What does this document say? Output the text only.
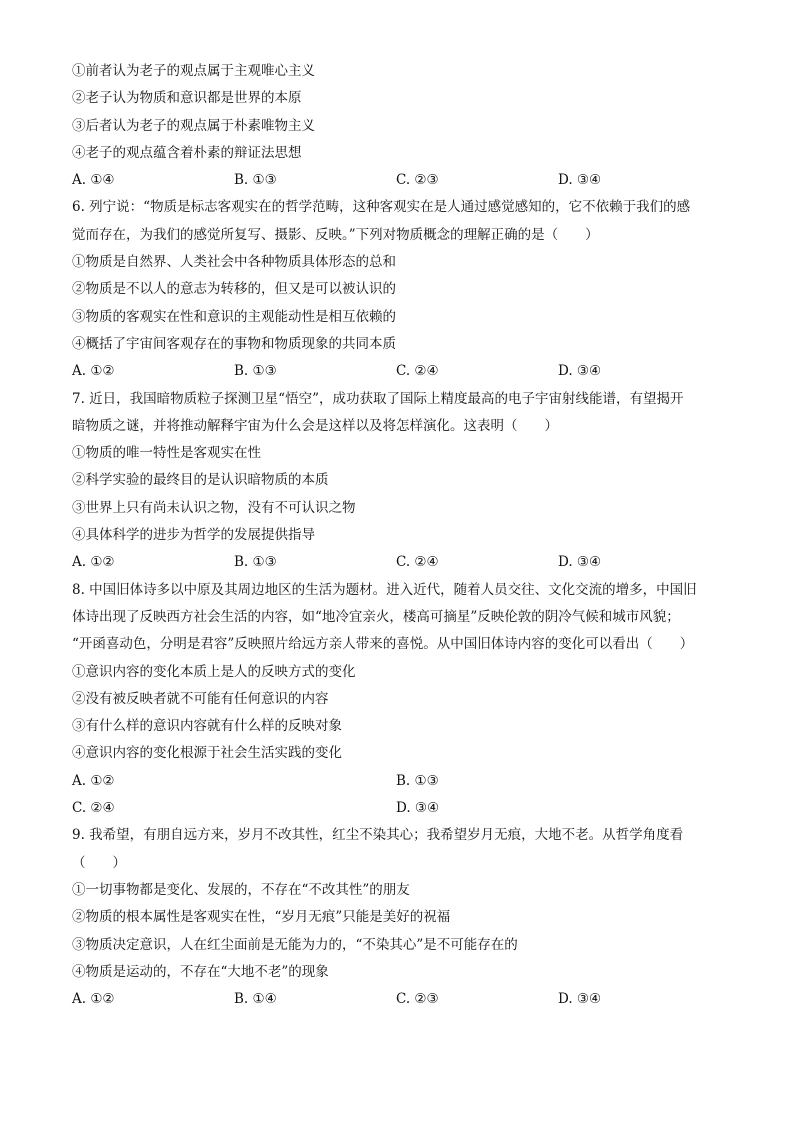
①前者认为老子的观点属于主观唯心主义
②老子认为物质和意识都是世界的本原
③后者认为老子的观点属于朴素唯物主义
④老子的观点蕴含着朴素的辩证法思想
A. ①④	B. ①③	C. ②③	D. ③④
6. 列宁说：“物质是标志客观实在的哲学范畴，这种客观实在是人通过感觉感知的，它不依赖于我们的感
觉而存在，为我们的感觉所复写、摄影、反映。”下列对物质概念的理解正确的是（　　）
①物质是自然界、人类社会中各种物质具体形态的总和
②物质是不以人的意志为转移的，但又是可以被认识的
③物质的客观实在性和意识的主观能动性是相互依赖的
④概括了宇宙间客观存在的事物和物质现象的共同本质
A. ①②	B. ①③	C. ②④	D. ③④
7. 近日，我国暗物质粒子探测卫星“悟空”，成功获取了国际上精度最高的电子宇宙射线能谱，有望揭开
暗物质之谜，并将推动解释宇宙为什么会是这样以及将怎样演化。这表明（　　）
①物质的唯一特性是客观实在性
②科学实验的最终目的是认识暗物质的本质
③世界上只有尚未认识之物，没有不可认识之物
④具体科学的进步为哲学的发展提供指导
A. ①②	B. ①③	C. ②④	D. ③④
8. 中国旧体诗多以中原及其周边地区的生活为题材。进入近代，随着人员交往、文化交流的增多，中国旧
体诗出现了反映西方社会生活的内容，如“地冷宜亲火，楼高可摘星”反映伦敦的阴冷气候和城市风貌；
“开函喜动色，分明是君容”反映照片给远方亲人带来的喜悦。从中国旧体诗内容的变化可以看出（　　）
①意识内容的变化本质上是人的反映方式的变化
②没有被反映者就不可能有任何意识的内容
③有什么样的意识内容就有什么样的反映对象
④意识内容的变化根源于社会生活实践的变化
A. ①②	B. ①③
C. ②④	D. ③④
9. 我希望，有朋自远方来，岁月不改其性，红尘不染其心；我希望岁月无痕，大地不老。从哲学角度看
（　　）
①一切事物都是变化、发展的，不存在“不改其性”的朋友
②物质的根本属性是客观实在性，“岁月无痕”只能是美好的祝福
③物质决定意识，人在红尘面前是无能为力的，“不染其心”是不可能存在的
④物质是运动的，不存在“大地不老”的现象
A. ①②	B. ①④	C. ②③	D. ③④
